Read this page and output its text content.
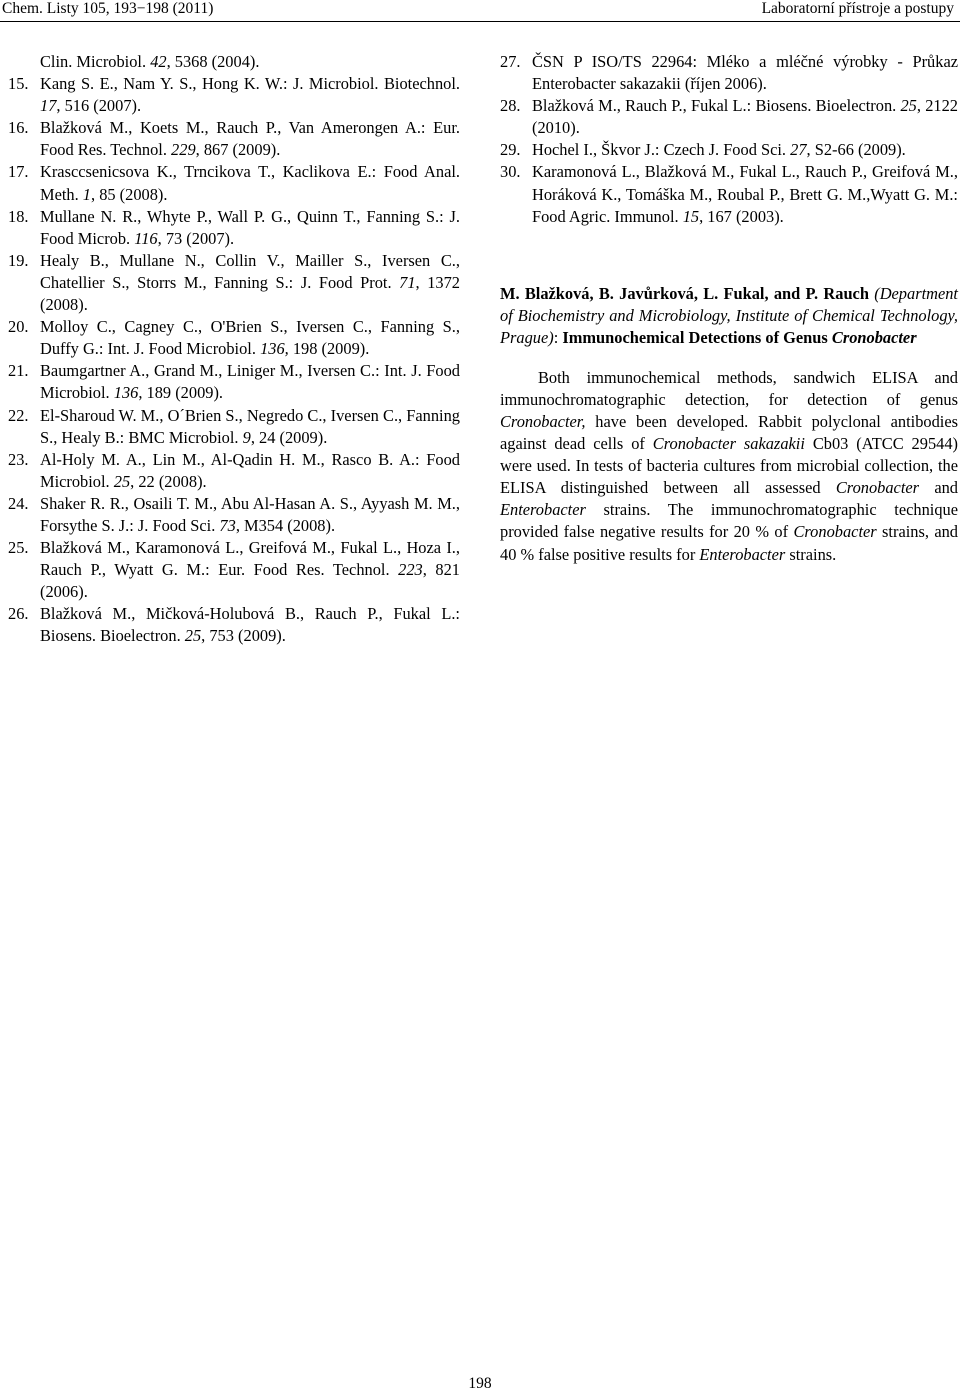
Chem. Listy 105, 193−198 (2011)	Laboratorní přístroje a postupy
Clin. Microbiol. 42, 5368 (2004).
15. Kang S. E., Nam Y. S., Hong K. W.: J. Microbiol. Biotechnol. 17, 516 (2007).
16. Blažková M., Koets M., Rauch P., Van Amerongen A.: Eur. Food Res. Technol. 229, 867 (2009).
17. Krasccsenicsova K., Trncikova T., Kaclikova E.: Food Anal. Meth. 1, 85 (2008).
18. Mullane N. R., Whyte P., Wall P. G., Quinn T., Fanning S.: J. Food Microb. 116, 73 (2007).
19. Healy B., Mullane N., Collin V., Mailler S., Iversen C., Chatellier S., Storrs M., Fanning S.: J. Food Prot. 71, 1372 (2008).
20. Molloy C., Cagney C., O'Brien S., Iversen C., Fanning S., Duffy G.: Int. J. Food Microbiol. 136, 198 (2009).
21. Baumgartner A., Grand M., Liniger M., Iversen C.: Int. J. Food Microbiol. 136, 189 (2009).
22. El-Sharoud W. M., O´Brien S., Negredo C., Iversen C., Fanning S., Healy B.: BMC Microbiol. 9, 24 (2009).
23. Al-Holy M. A., Lin M., Al-Qadin H. M., Rasco B. A.: Food Microbiol. 25, 22 (2008).
24. Shaker R. R., Osaili T. M., Abu Al-Hasan A. S., Ayyash M. M., Forsythe S. J.: J. Food Sci. 73, M354 (2008).
25. Blažková M., Karamonová L., Greifová M., Fukal L., Hoza I., Rauch P., Wyatt G. M.: Eur. Food Res. Technol. 223, 821 (2006).
26. Blažková M., Mičková-Holubová B., Rauch P., Fukal L.: Biosens. Bioelectron. 25, 753 (2009).
27. ČSN P ISO/TS 22964: Mléko a mléčné výrobky - Průkaz Enterobacter sakazakii (říjen 2006).
28. Blažková M., Rauch P., Fukal L.: Biosens. Bioelectron. 25, 2122 (2010).
29. Hochel I., Škvor J.: Czech J. Food Sci. 27, S2-66 (2009).
30. Karamonová L., Blažková M., Fukal L., Rauch P., Greifová M., Horáková K., Tomáška M., Roubal P., Brett G. M.,Wyatt G. M.: Food Agric. Immunol. 15, 167 (2003).
M. Blažková, B. Javůrková, L. Fukal, and P. Rauch (Department of Biochemistry and Microbiology, Institute of Chemical Technology, Prague): Immunochemical Detections of Genus Cronobacter
Both immunochemical methods, sandwich ELISA and immunochromatographic detection, for detection of genus Cronobacter, have been developed. Rabbit polyclonal antibodies against dead cells of Cronobacter sakazakii Cb03 (ATCC 29544) were used. In tests of bacteria cultures from microbial collection, the ELISA distinguished between all assessed Cronobacter and Enterobacter strains. The immunochromatographic technique provided false negative results for 20 % of Cronobacter strains, and 40 % false positive results for Enterobacter strains.
198
